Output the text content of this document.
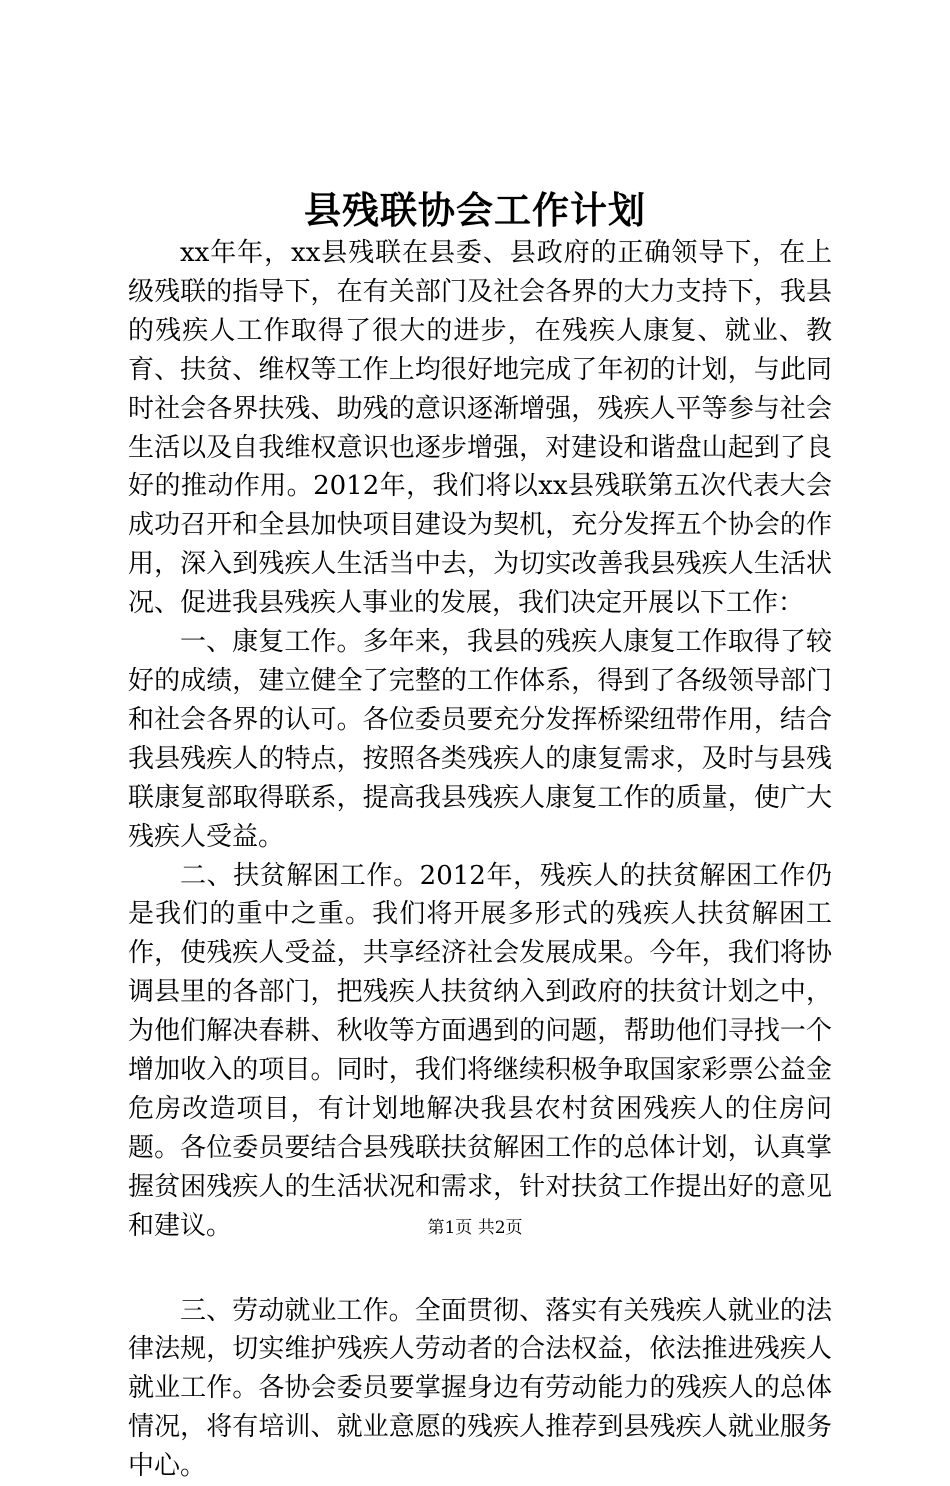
县残联协会工作计划

xx年年，xx县残联在县委、县政府的正确领导下，在上级残联的指导下，在有关部门及社会各界的大力支持下，我县的残疾人工作取得了很大的进步，在残疾人康复、就业、教育、扶贫、维权等工作上均很好地完成了年初的计划，与此同时社会各界扶残、助残的意识逐渐增强，残疾人平等参与社会生活以及自我维权意识也逐步增强，对建设和谐盘山起到了良好的推动作用。2012年，我们将以xx县残联第五次代表大会成功召开和全县加快项目建设为契机，充分发挥五个协会的作用，深入到残疾人生活当中去，为切实改善我县残疾人生活状况、促进我县残疾人事业的发展，我们决定开展以下工作：

一、康复工作。多年来，我县的残疾人康复工作取得了较好的成绩，建立健全了完整的工作体系，得到了各级领导部门和社会各界的认可。各位委员要充分发挥桥梁纽带作用，结合我县残疾人的特点，按照各类残疾人的康复需求，及时与县残联康复部取得联系，提高我县残疾人康复工作的质量，使广大残疾人受益。

二、扶贫解困工作。2012年，残疾人的扶贫解困工作仍是我们的重中之重。我们将开展多形式的残疾人扶贫解困工作，使残疾人受益，共享经济社会发展成果。今年，我们将协调县里的各部门，把残疾人扶贫纳入到政府的扶贫计划之中，为他们解决春耕、秋收等方面遇到的问题，帮助他们寻找一个增加收入的项目。同时，我们将继续积极争取国家彩票公益金危房改造项目，有计划地解决我县农村贫困残疾人的住房问题。各位委员要结合县残联扶贫解困工作的总体计划，认真掌握贫困残疾人的生活状况和需求，针对扶贫工作提出好的意见和建议。

三、劳动就业工作。全面贯彻、落实有关残疾人就业的法律法规，切实维护残疾人劳动者的合法权益，依法推进残疾人就业工作。各协会委员要掌握身边有劳动能力的残疾人的总体情况，将有培训、就业意愿的残疾人推荐到县残疾人就业服务中心。

第1页 共2页
